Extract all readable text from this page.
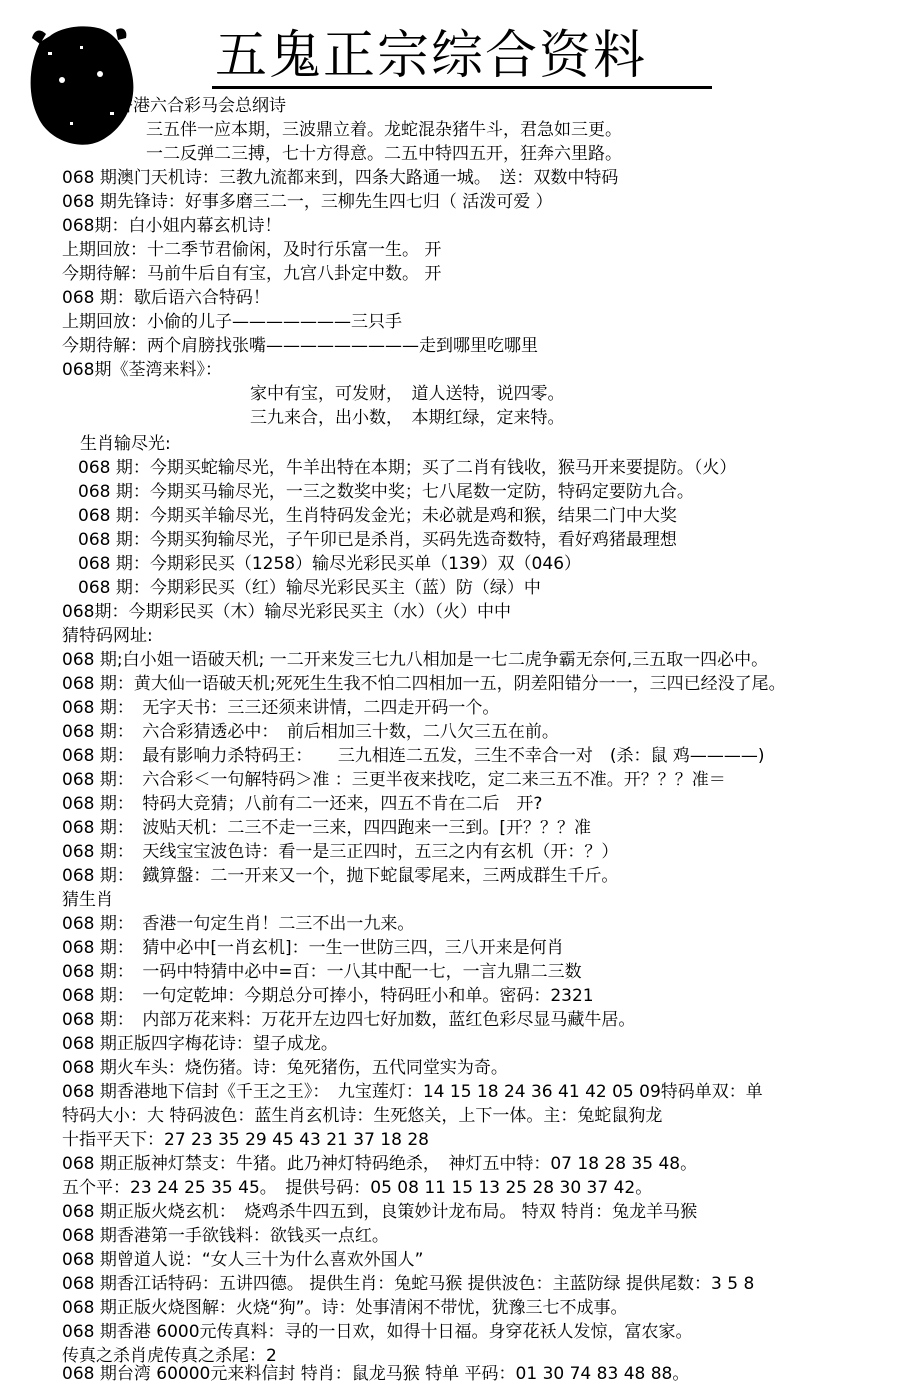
五鬼正宗综合资料
香港六合彩马会总纲诗
三五伴一应本期，三波鼎立着。龙蛇混杂猪牛斗，君急如三更。
一二反弹二三搏，七十方得意。二五中特四五开，狂奔六里路。
068 期澳门天机诗：三教九流都来到，四条大路通一城。　送：双数中特码
068 期先锋诗：好事多磨三二一，三柳先生四七归（ 活泼可爱 ）
068期：白小姐内幕玄机诗！
上期回放：十二季节君偷闲，及时行乐富一生。 开
今期待解：马前牛后自有宝，九宫八卦定中数。 开
068 期：歇后语六合特码！
上期回放：小偷的儿子———————三只手
今期待解：两个肩膀找张嘴—————————走到哪里吃哪里
068期《荃湾来料》：
家中有宝，可发财，　道人送特，说四零。
三九来合，出小数，　本期红绿，定来特。
生肖输尽光:
068 期：今期买蛇输尽光，牛羊出特在本期；买了二肖有钱收，猴马开来要提防。（火）
068 期：今期买马输尽光，一三之数奖中奖；七八尾数一定防，特码定要防九合。
068 期：今期买羊输尽光，生肖特码发金光；未必就是鸡和猴，结果二门中大奖
068 期：今期买狗输尽光，子午卯已是杀肖，买码先选奇数特，看好鸡猪最理想
068 期：今期彩民买（1258）输尽光彩民买单（139）双（046）
068 期：今期彩民买（红）输尽光彩民买主（蓝）防（绿）中
068期：今期彩民买（木）输尽光彩民买主（水）（火）中中
猜特码网址:
068 期;白小姐一语破天机; 一二开来发三七九八相加是一七二虎争霸无奈何,三五取一四必中。
068 期：黄大仙一语破天机;死死生生我不怕二四相加一五，阴差阳错分一一，三四已经没了尾。
068 期：　无字天书：三三还须来讲情，二四走开码一个。
068 期：　六合彩猜透必中：　前后相加三十数，二八欠三五在前。
068 期：　最有影响力杀特码王：　　三九相连二五发，三生不幸合一对　(杀：鼠 鸡————)
068 期：　六合彩＜一句解特码＞准 ：三更半夜来找吃，定二来三五不准。开？？？准＝
068 期：　特码大竞猜；八前有二一还来，四五不肯在二后　开?
068 期：　波贴天机：二三不走一三来，四四跑来一三到。[开？？？准
068 期：　天线宝宝波色诗：看一是三正四时，五三之内有玄机（开：？）
068 期：　鐡算盤：二一开来又一个，抛下蛇鼠零尾来，三两成群生千斤。
猜生肖
068 期：　香港一句定生肖！二三不出一九来。
068 期：　猜中必中[一肖玄机]：一生一世防三四，三八开来是何肖
068 期：　一码中特猜中必中=百：一八其中配一七，一言九鼎二三数
068 期：　一句定乾坤：今期总分可捧小，特码旺小和单。密码：2321
068 期：　内部万花来料：万花开左边四七好加数，蓝红色彩尽显马藏牛居。
068 期正版四字梅花诗：望子成龙。
068 期火车头：烧伤猪。诗：兔死猪伤，五代同堂实为奇。
068 期香港地下信封《千王之王》：　九宝莲灯：14 15 18 24 36 41 42 05 09特码单双：单
特码大小：大 特码波色：蓝生肖玄机诗：生死悠关，上下一体。主：兔蛇鼠狗龙
十指平天下：27 23 35 29 45 43 21 37 18 28
068 期正版神灯禁支：牛猪。此乃神灯特码绝杀，　神灯五中特：07 18 28 35 48。
五个平：23 24 25 35 45。　提供号码：05 08 11 15 13 25 28 30 37 42。
068 期正版火烧玄机：　烧鸡杀牛四五到，良策妙计龙布局。 特双 特肖：兔龙羊马猴
068 期香港第一手欲钱料：欲钱买一点红。
068 期曾道人说：“女人三十为什么喜欢外国人”
068 期香江话特码：五讲四德。 提供生肖：兔蛇马猴 提供波色：主蓝防绿 提供尾数：3 5 8
068 期正版火烧图解：火烧“狗”。诗：处事清闲不带忧，犹豫三七不成事。
068 期香港 6000元传真料：寻的一日欢，如得十日福。身穿花袄人发惊，富农家。
传真之杀肖虎传真之杀尾：2
068 期台湾 60000元来料信封 特肖：鼠龙马猴 特单 平码：01 30 74 83 48 88。
